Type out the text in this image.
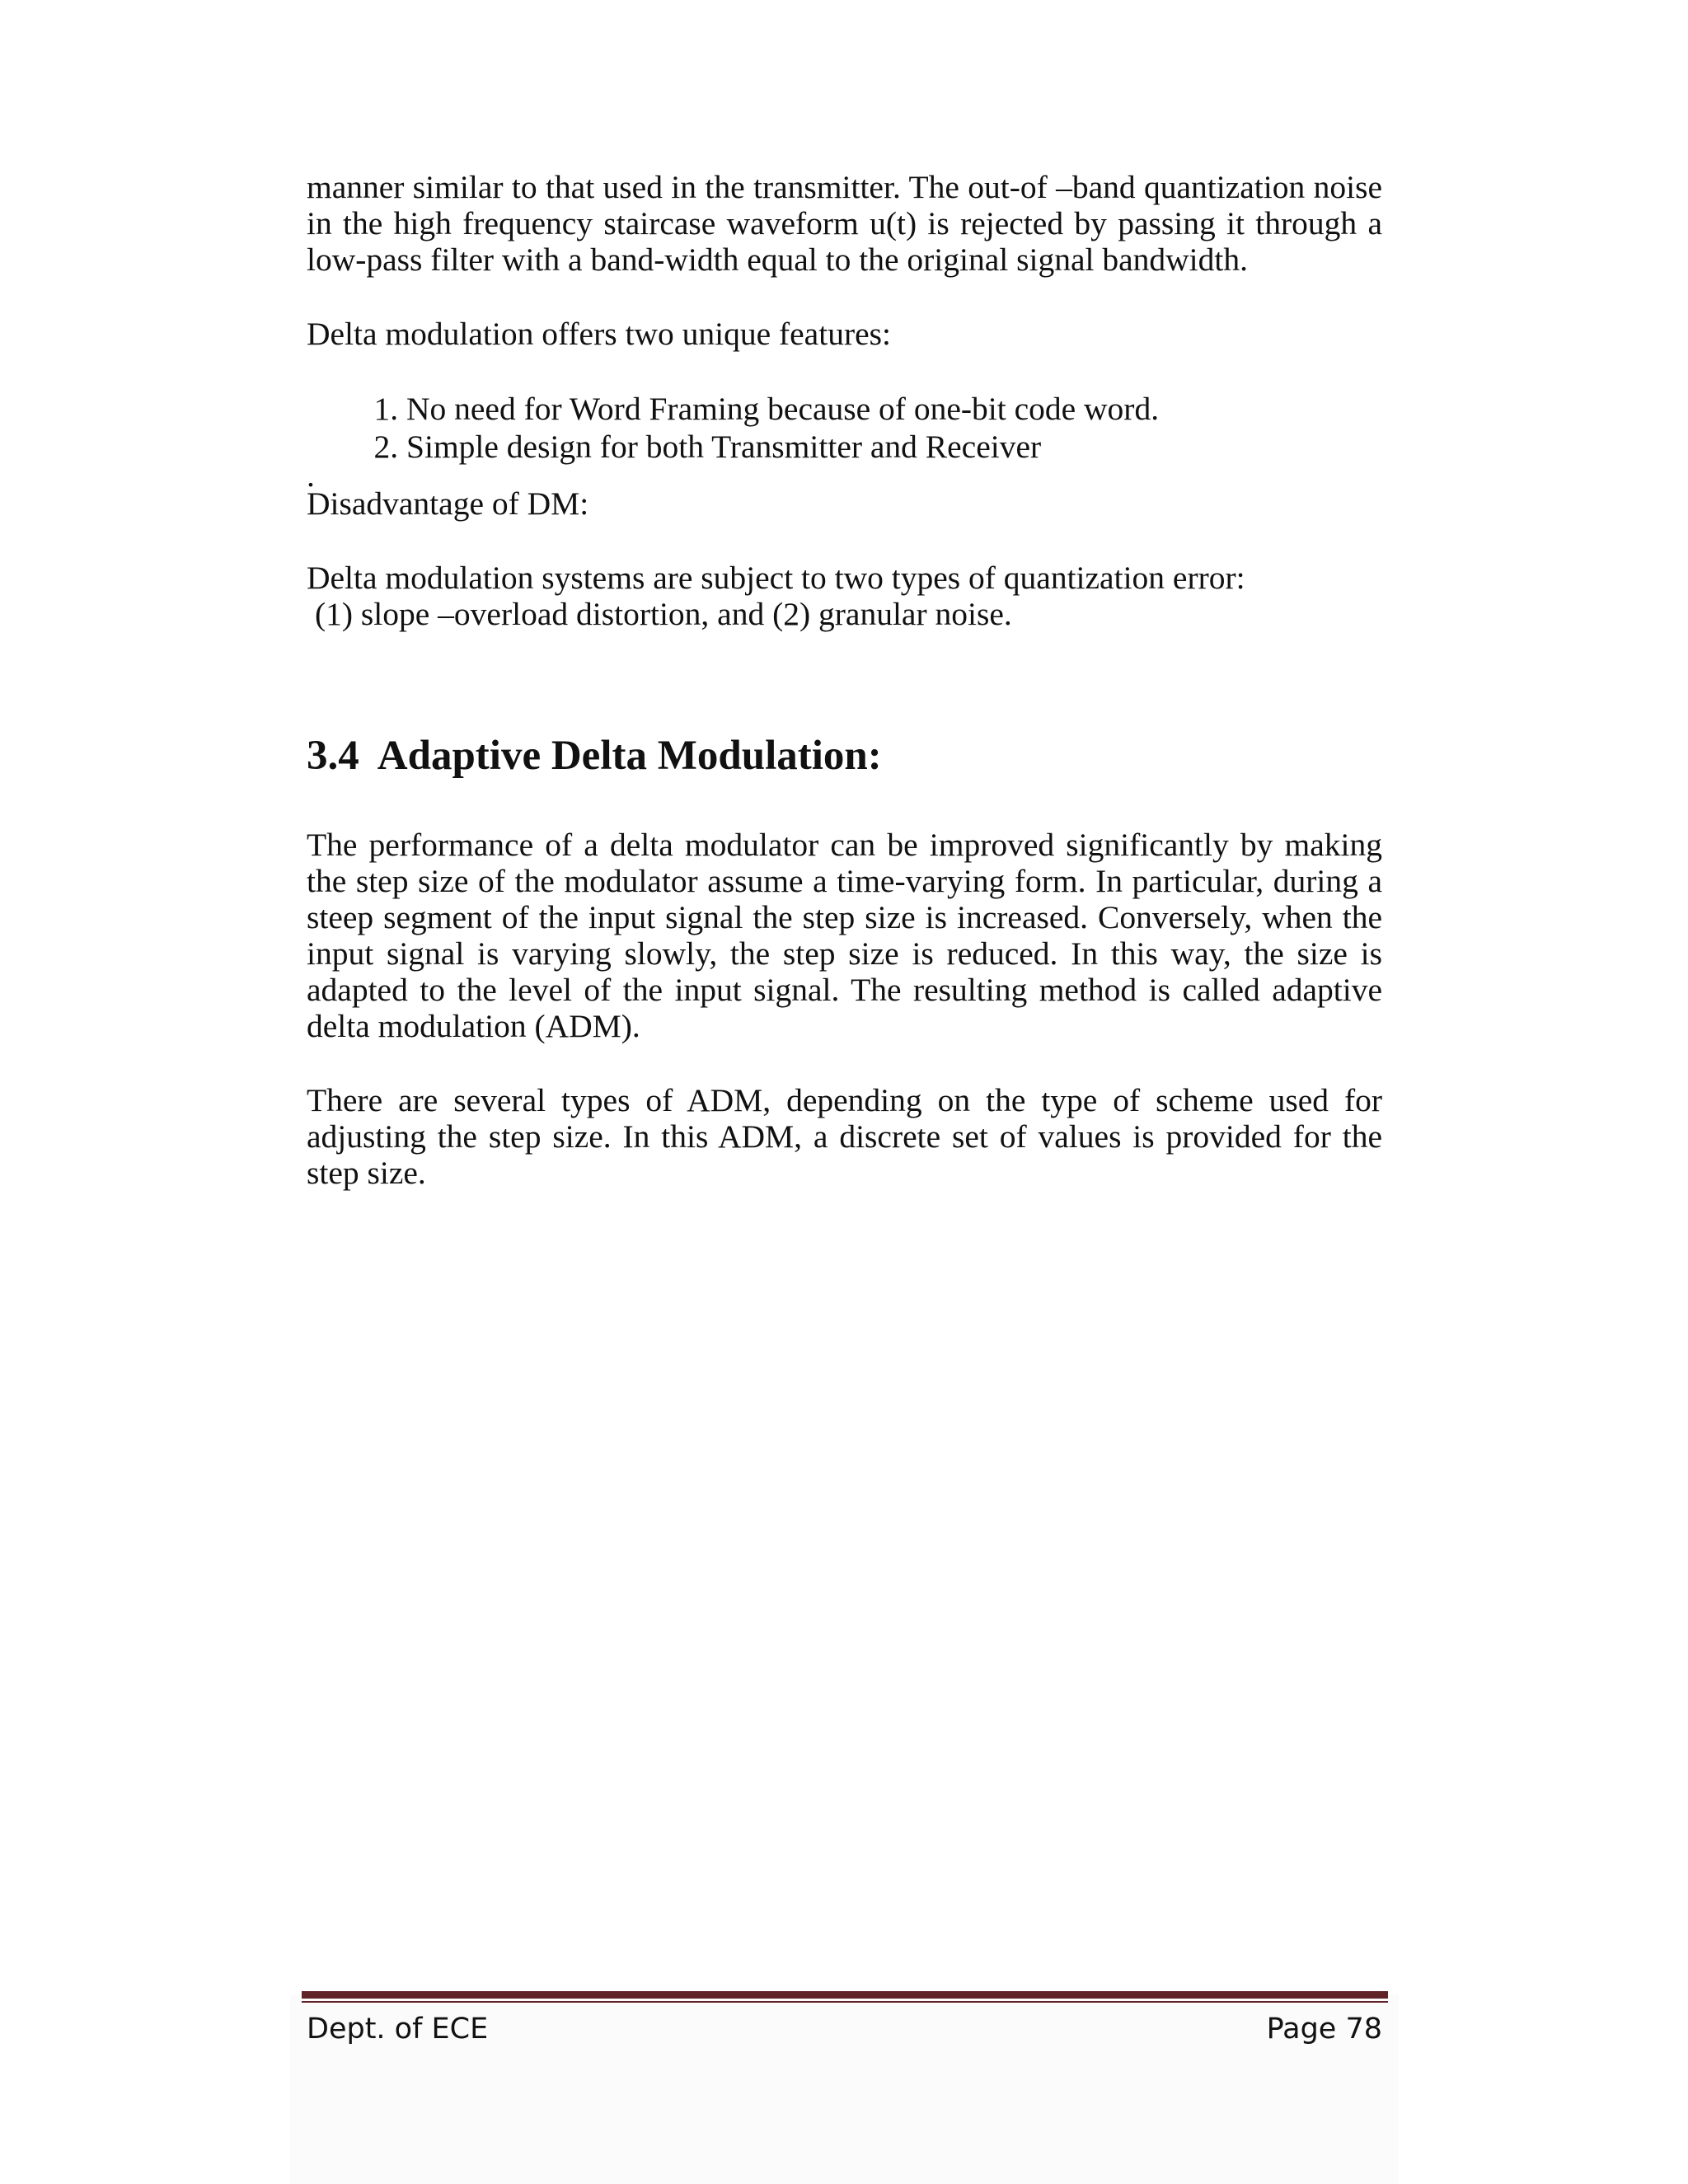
manner similar to that used in the transmitter. The out-of –band quantization noise in the high frequency staircase waveform u(t) is rejected by passing it through a low-pass filter with a band-width equal to the original signal bandwidth.

Delta modulation offers two unique features:

1. No need for Word Framing because of one-bit code word.
2. Simple design for both Transmitter and Receiver

.

Disadvantage of DM:

Delta modulation systems are subject to two types of quantization error:

(1) slope –overload distortion, and (2) granular noise.

3.4 Adaptive Delta Modulation:

The performance of a delta modulator can be improved significantly by making the step size of the modulator assume a time-varying form. In particular, during a steep segment of the input signal the step size is increased. Conversely, when the input signal is varying slowly, the step size is reduced. In this way, the size is adapted to the level of the input signal. The resulting method is called adaptive delta modulation (ADM).

There are several types of ADM, depending on the type of scheme used for adjusting the step size. In this ADM, a discrete set of values is provided for the step size.

Dept. of ECE	Page 78
